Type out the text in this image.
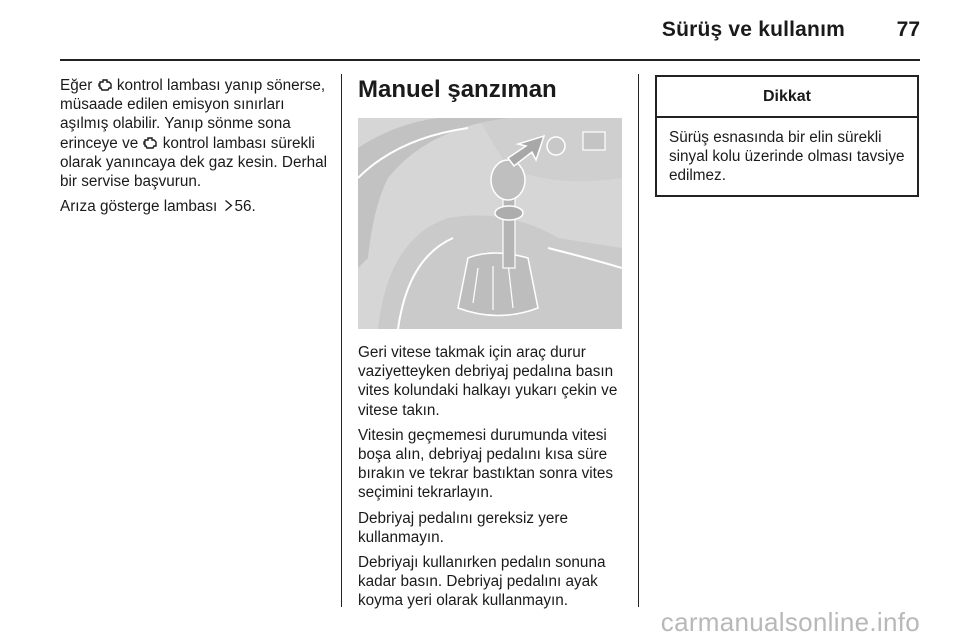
Sürüş ve kullanım 77

Eğer kontrol lambası yanıp sönerse, müsaade edilen emisyon sınırları aşılmış olabilir. Yanıp sönme sona erinceye ve kontrol lambası sürekli olarak yanıncaya dek gaz kesin. Derhal bir servise başvurun.

Arıza gösterge lambası 56.

Manuel şanzıman

Geri vitese takmak için araç durur vaziyetteyken debriyaj pedalına basın vites kolundaki halkayı yukarı çekin ve vitese takın.

Vitesin geçmemesi durumunda vitesi boşa alın, debriyaj pedalını kısa süre bırakın ve tekrar bastıktan sonra vites seçimini tekrarlayın.

Debriyaj pedalını gereksiz yere kullanmayın.

Debriyajı kullanırken pedalın sonuna kadar basın. Debriyaj pedalını ayak koyma yeri olarak kullanmayın.

Dikkat
Sürüş esnasında bir elin sürekli sinyal kolu üzerinde olması tavsiye edilmez.
carmanualsonline.info
